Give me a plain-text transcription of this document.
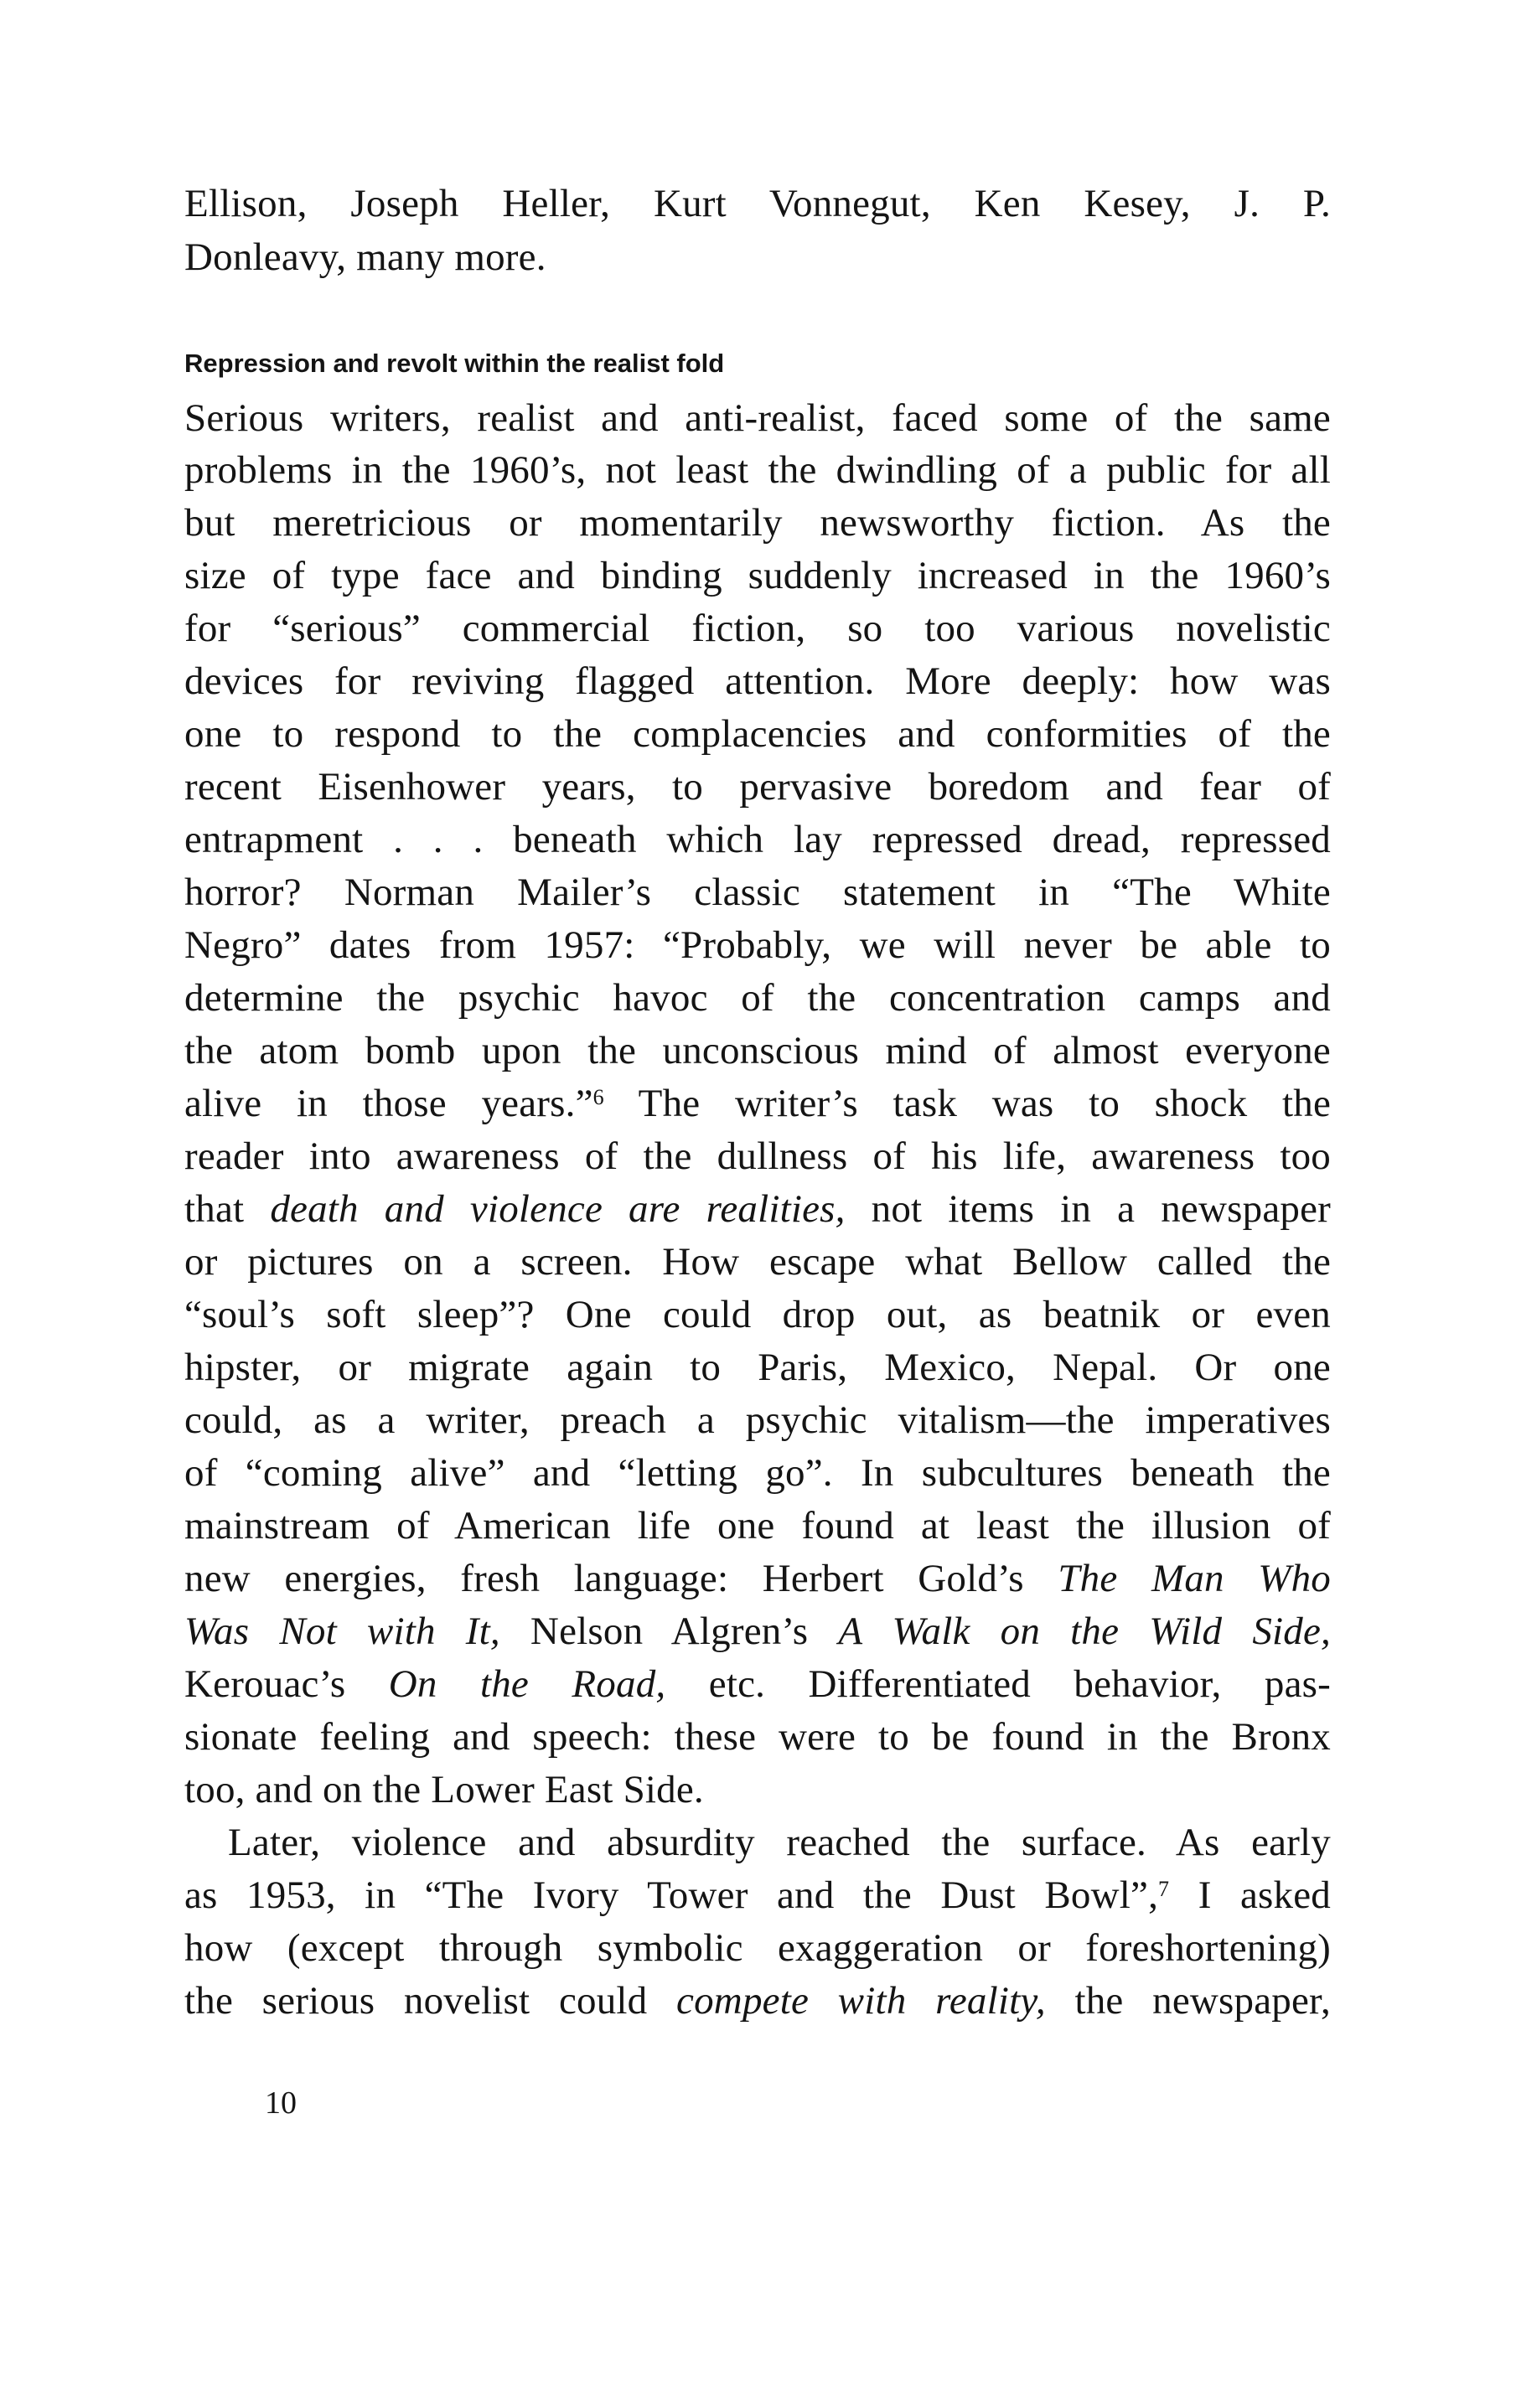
Ellison, Joseph Heller, Kurt Vonnegut, Ken Kesey, J. P.
Donleavy, many more.
Repression and revolt within the realist fold
Serious writers, realist and anti-realist, faced some of the same
problems in the 1960’s, not least the dwindling of a public for all
but meretricious or momentarily newsworthy fiction. As the
size of type face and binding suddenly increased in the 1960’s
for “serious” commercial fiction, so too various novelistic
devices for reviving flagged attention. More deeply: how was
one to respond to the complacencies and conformities of the
recent Eisenhower years, to pervasive boredom and fear of
entrapment . . . beneath which lay repressed dread, repressed
horror? Norman Mailer’s classic statement in “The White
Negro” dates from 1957: “Probably, we will never be able to
determine the psychic havoc of the concentration camps and
the atom bomb upon the unconscious mind of almost everyone
alive in those years.”$^6$ The writer’s task was to shock the
reader into awareness of the dullness of his life, awareness too
that death and violence are realities, not items in a newspaper
or pictures on a screen. How escape what Bellow called the
“soul’s soft sleep”? One could drop out, as beatnik or even
hipster, or migrate again to Paris, Mexico, Nepal. Or one
could, as a writer, preach a psychic vitalism—the imperatives
of “coming alive” and “letting go”. In subcultures beneath the
mainstream of American life one found at least the illusion of
new energies, fresh language: Herbert Gold’s The Man Who
Was Not with It, Nelson Algren’s A Walk on the Wild Side,
Kerouac’s On the Road, etc. Differentiated behavior, pas-
sionate feeling and speech: these were to be found in the Bronx
too, and on the Lower East Side.
Later, violence and absurdity reached the surface. As early
as 1953, in “The Ivory Tower and the Dust Bowl”,$^7$ I asked
how (except through symbolic exaggeration or foreshortening)
the serious novelist could compete with reality, the newspaper,
10
